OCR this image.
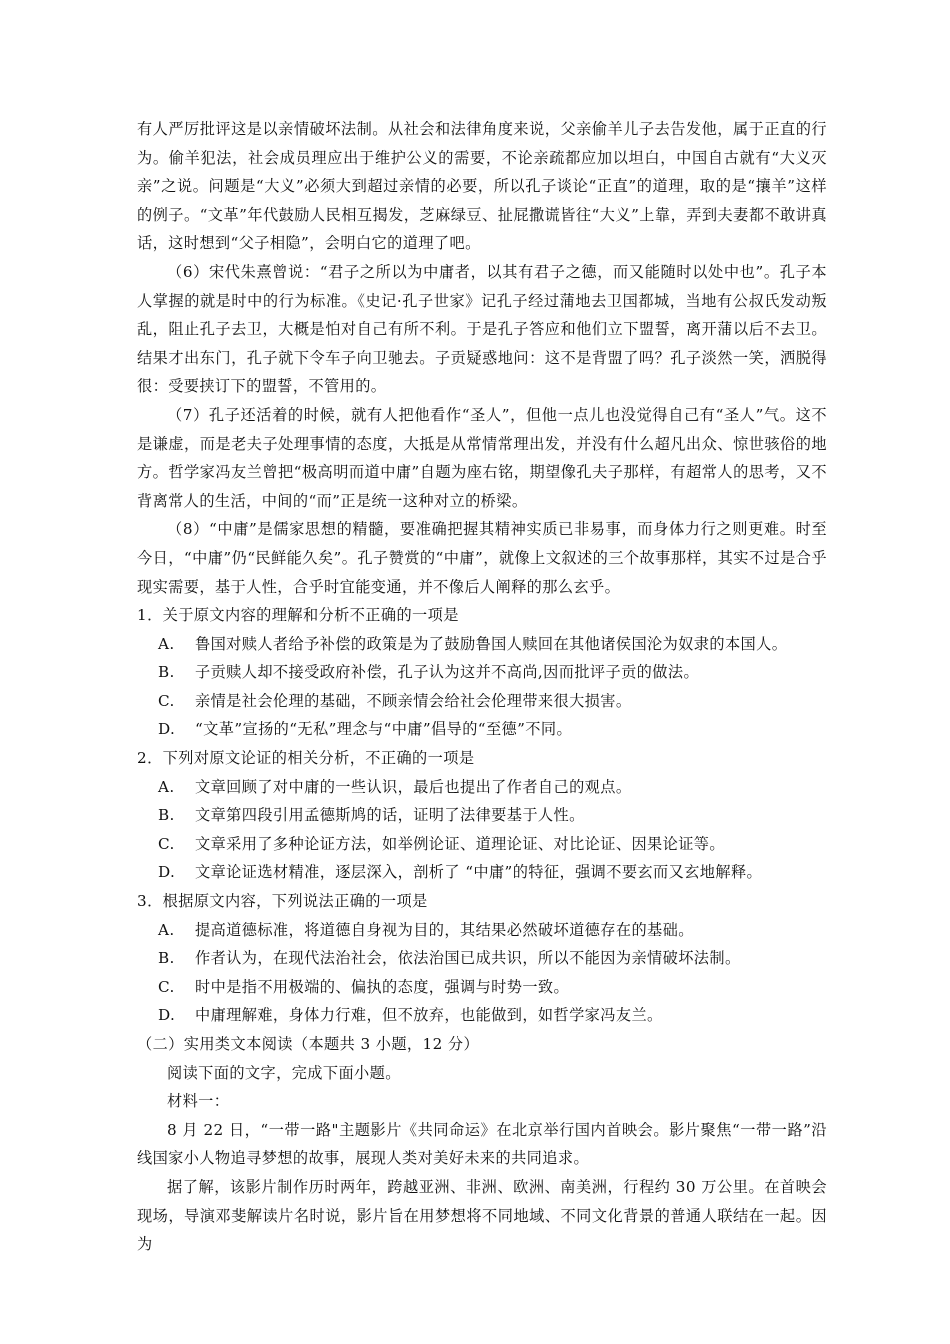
有人严厉批评这是以亲情破坏法制。从社会和法律角度来说，父亲偷羊儿子去告发他，属于正直的行为。偷羊犯法，社会成员理应出于维护公义的需要，不论亲疏都应加以坦白，中国自古就有“大义灭亲”之说。问题是“大义”必须大到超过亲情的必要，所以孔子谈论“正直”的道理，取的是“攘羊”这样的例子。“文革”年代鼓励人民相互揭发，芝麻绿豆、扯屁撒谎皆往“大义”上靠，弄到夫妻都不敢讲真话，这时想到“父子相隐”，会明白它的道理了吧。

（6）宋代朱熹曾说：“君子之所以为中庸者，以其有君子之德，而又能随时以处中也”。孔子本人掌握的就是时中的行为标准。《史记·孔子世家》记孔子经过蒲地去卫国都城，当地有公叔氏发动叛乱，阻止孔子去卫，大概是怕对自己有所不利。于是孔子答应和他们立下盟誓，离开蒲以后不去卫。结果才出东门，孔子就下令车子向卫驰去。子贡疑惑地问：这不是背盟了吗？孔子淡然一笑，洒脱得很：受要挟订下的盟誓，不管用的。

（7）孔子还活着的时候，就有人把他看作“圣人”，但他一点儿也没觉得自己有“圣人”气。这不是谦虚，而是老夫子处理事情的态度，大抵是从常情常理出发，并没有什么超凡出众、惊世骇俗的地方。哲学家冯友兰曾把“极高明而道中庸”自题为座右铭，期望像孔夫子那样，有超常人的思考，又不背离常人的生活，中间的“而”正是统一这种对立的桥梁。

（8）“中庸”是儒家思想的精髓，要准确把握其精神实质已非易事，而身体力行之则更难。时至今日，“中庸”仍“民鲜能久矣”。孔子赞赏的“中庸”，就像上文叙述的三个故事那样，其实不过是合乎现实需要，基于人性，合乎时宜能变通，并不像后人阐释的那么玄乎。

1．关于原文内容的理解和分析不正确的一项是

A.	鲁国对赎人者给予补偿的政策是为了鼓励鲁国人赎回在其他诸侯国沦为奴隶的本国人。
B.	子贡赎人却不接受政府补偿，孔子认为这并不高尚,因而批评子贡的做法。
C.	亲情是社会伦理的基础，不顾亲情会给社会伦理带来很大损害。
D.	“文革”宣扬的“无私”理念与“中庸”倡导的“至德”不同。

2．下列对原文论证的相关分析，不正确的一项是

A.	文章回顾了对中庸的一些认识，最后也提出了作者自己的观点。
B.	文章第四段引用孟德斯鸠的话，证明了法律要基于人性。
C.	文章采用了多种论证方法，如举例论证、道理论证、对比论证、因果论证等。
D.	文章论证选材精准，逐层深入，剖析了 “中庸”的特征，强调不要玄而又玄地解释。

3．根据原文内容，下列说法正确的一项是

A.	提高道德标准，将道德自身视为目的，其结果必然破坏道德存在的基础。
B.	作者认为，在现代法治社会，依法治国已成共识，所以不能因为亲情破坏法制。
C.	时中是指不用极端的、偏执的态度，强调与时势一致。
D.	中庸理解难，身体力行难，但不放弃，也能做到，如哲学家冯友兰。

（二）实用类文本阅读（本题共 3 小题，12 分）

阅读下面的文字，完成下面小题。

材料一：

8 月 22 日，“一带一路"主题影片《共同命运》在北京举行国内首映会。影片聚焦“一带一路”沿线国家小人物追寻梦想的故事，展现人类对美好未来的共同追求。

据了解，该影片制作历时两年，跨越亚洲、非洲、欧洲、南美洲，行程约 30 万公里。在首映会现场，导演邓斐解读片名时说，影片旨在用梦想将不同地域、不同文化背景的普通人联结在一起。因为
